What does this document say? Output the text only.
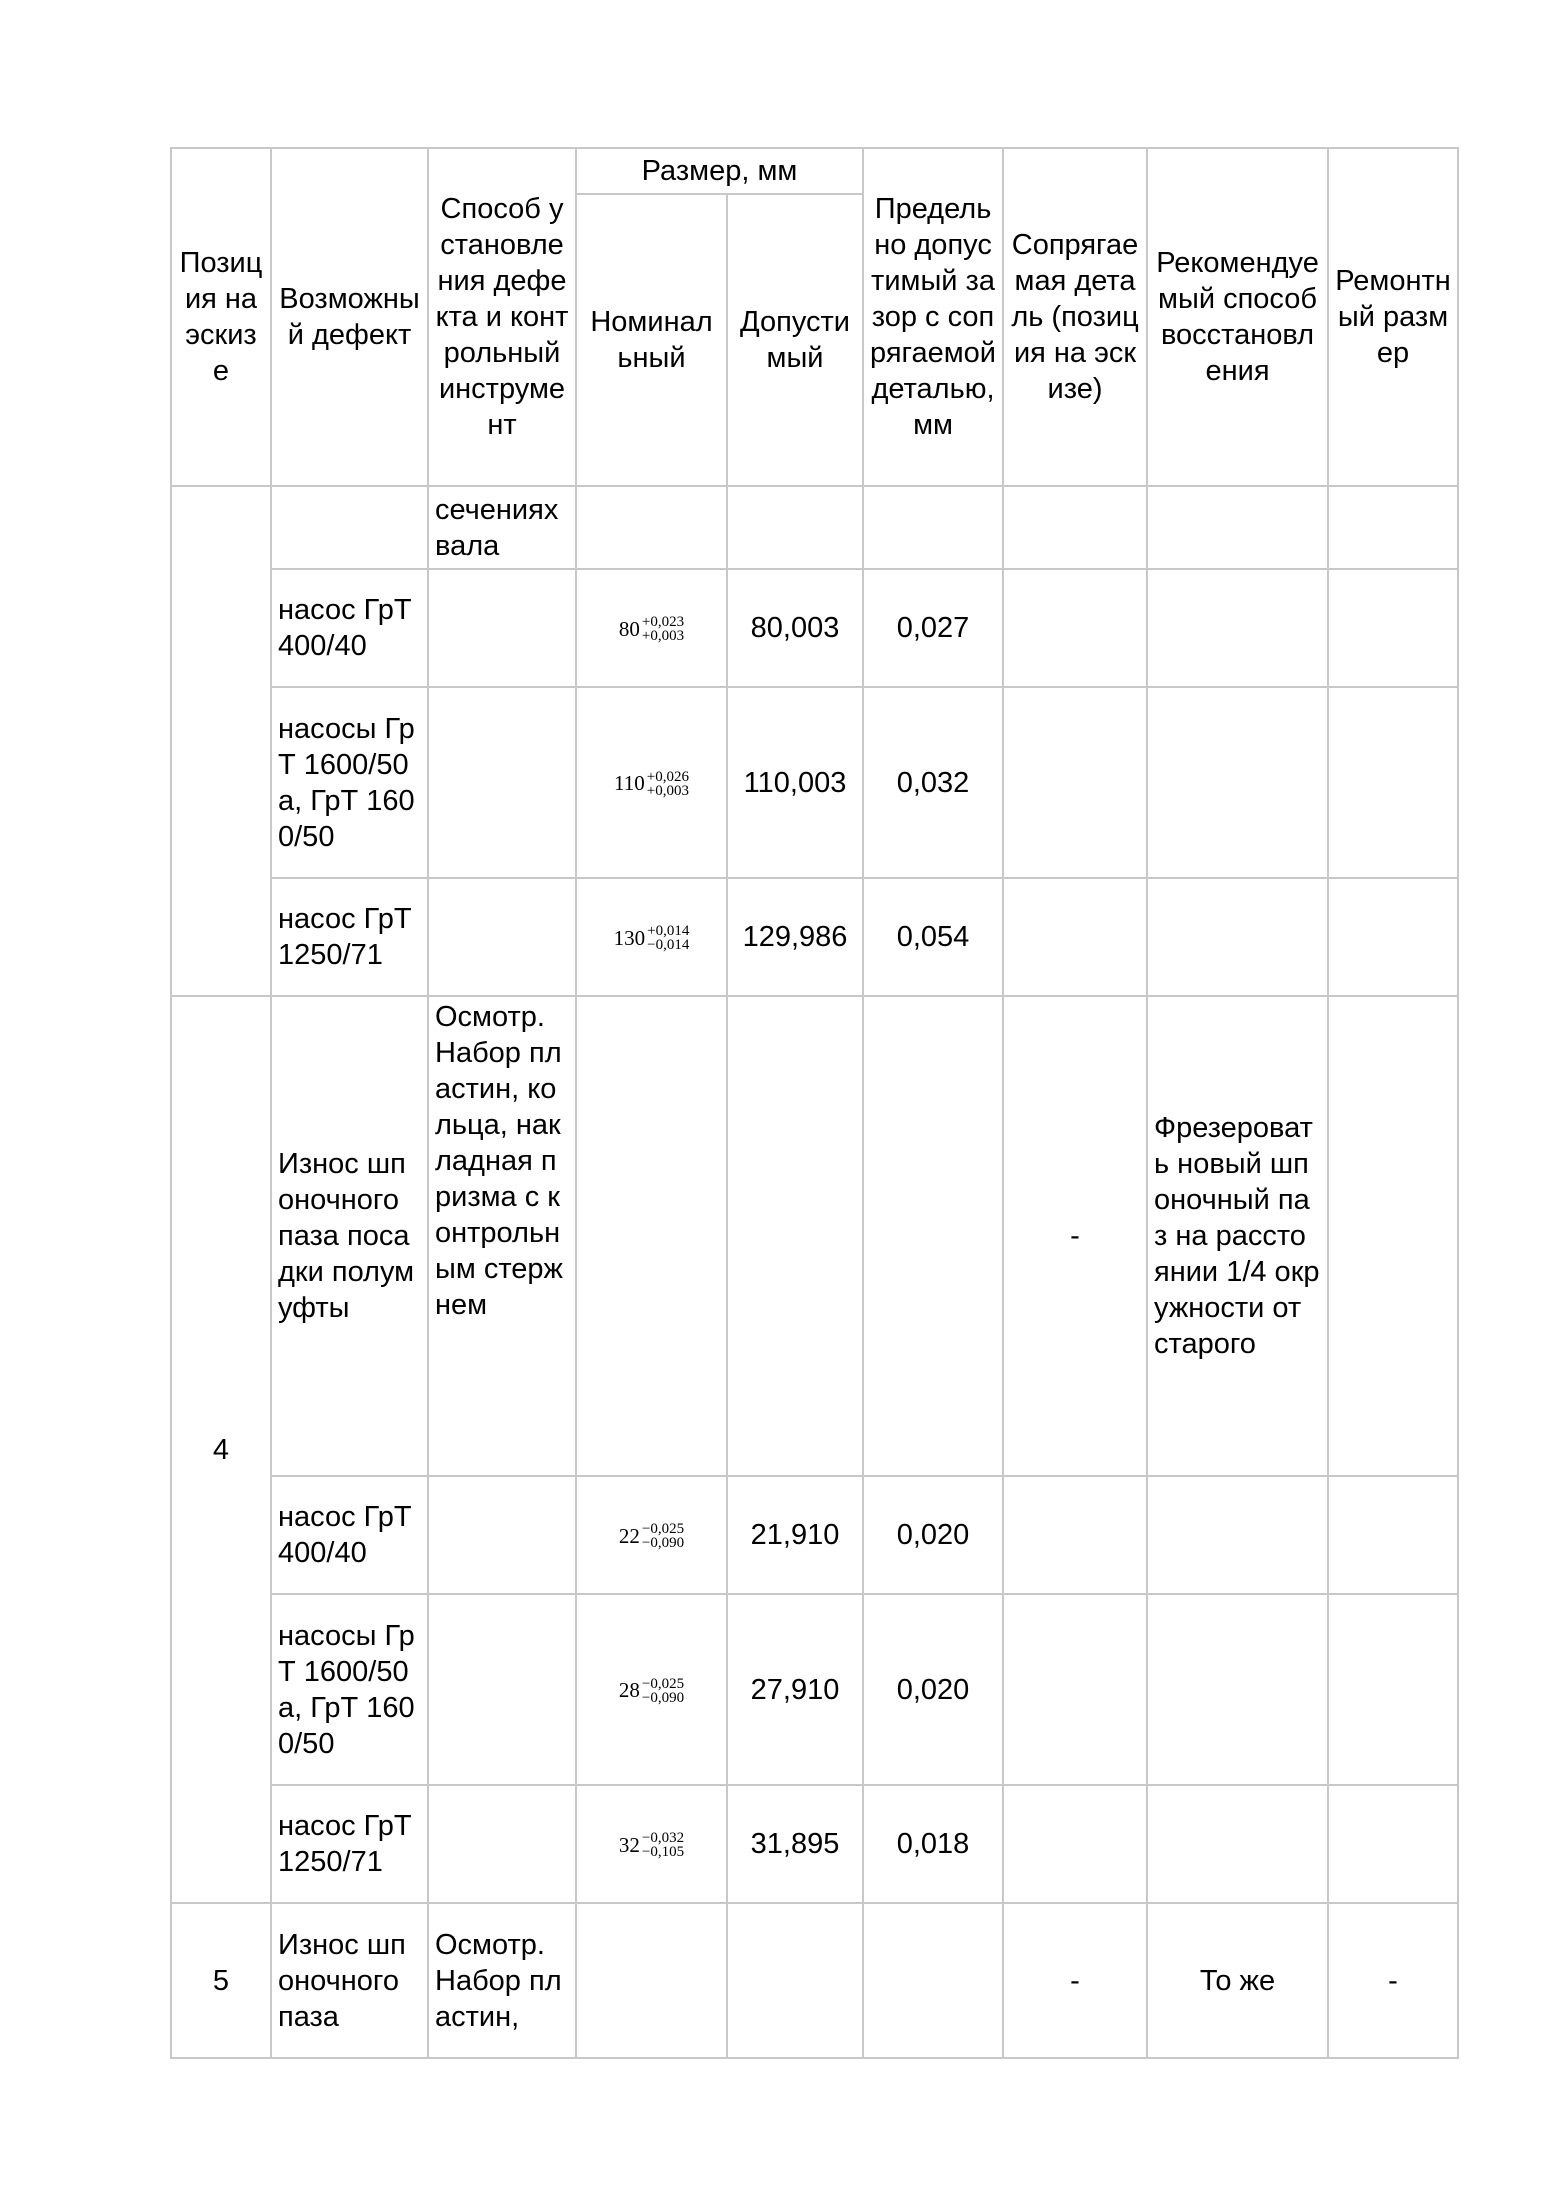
Позиция на эскизе	Возможный дефект	Способ установления дефекта и контрольный инструмент	Размер, мм		Предельно допустимый зазор с сопрягаемой деталью, мм	Сопрягаемая деталь (позиция на эскизе)	Рекомендуемый способ восстановления	Ремонтный размер
			Номинальный	Допустимый				
		сечениях вала						
	насос ГрТ 400/40		80 +0,023
+0,003	80,003	0,027			
	насосы ГрТ 1600/50 а, ГрТ 1600/50		110 +0,026
+0,003	110,003	0,032			
	насос ГрТ 1250/71		130 +0,014
−0,014	129,986	0,054			
4	Износ шпоночного паза посадки полумуфты	Осмотр. Набор пластин, кольца, накладная призма с контрольным стержнем				-	Фрезеровать новый шпоночный паз на расстоянии 1/4 окружности от старого	
	насос ГрТ 400/40		22 −0,025
−0,090	21,910	0,020			
	насосы ГрТ 1600/50 а, ГрТ 1600/50		28 −0,025
−0,090	27,910	0,020			
	насос ГрТ 1250/71		32 −0,032
−0,105	31,895	0,018			
5	Износ шпоночного паза	Осмотр. Набор пластин,				-	То же	-
